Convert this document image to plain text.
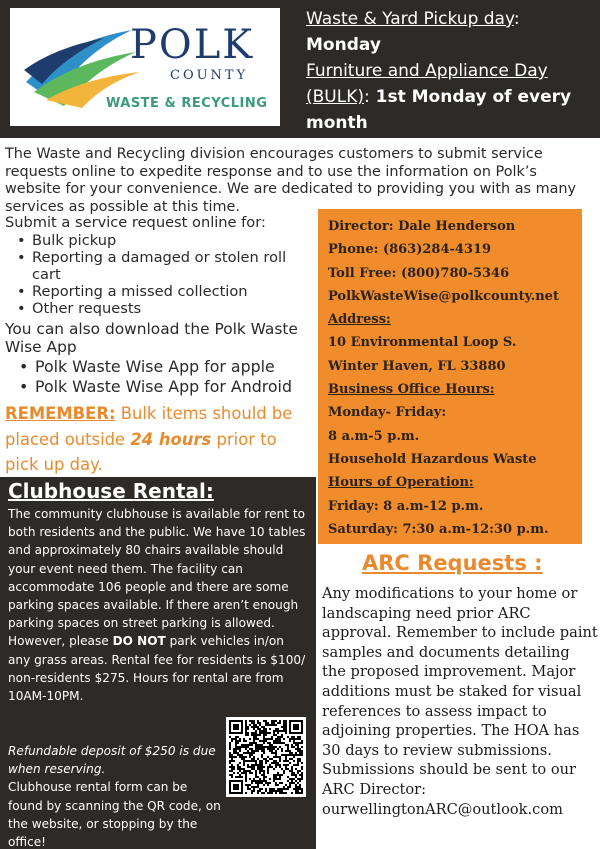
POLK
COUNTY
WASTE & RECYCLING
Waste & Yard Pickup day:
Monday
Furniture and Appliance Day
(BULK): 1st Monday of every month

The Waste and Recycling division encourages customers to submit service requests online to expedite response and to use the information on Polk’s website for your convenience. We are dedicated to providing you with as many services as possible at this time.

Submit a service request online for:
• Bulk pickup
• Reporting a damaged or stolen roll cart
• Reporting a missed collection
• Other requests
You can also download the Polk Waste Wise App
• Polk Waste Wise App for apple
• Polk Waste Wise App for Android

REMEMBER: Bulk items should be placed outside 24 hours prior to pick up day.

Director: Dale Henderson
Phone: (863)284-4319
Toll Free: (800)780-5346
PolkWasteWise@polkcounty.net
Address:
10 Environmental Loop S.
Winter Haven, FL 33880
Business Office Hours:
Monday- Friday:
8 a.m-5 p.m.
Household Hazardous Waste
Hours of Operation:
Friday: 8 a.m-12 p.m.
Saturday: 7:30 a.m-12:30 p.m.
Clubhouse Rental:

The community clubhouse is available for rent to both residents and the public. We have 10 tables and approximately 80 chairs available should your event need them. The facility can accommodate 106 people and there are some parking spaces available. If there aren’t enough parking spaces on street parking is allowed. However, please DO NOT park vehicles in/on any grass areas. Rental fee for residents is $100/ non-residents $275. Hours for rental are from 10AM-10PM.

Refundable deposit of $250 is due when reserving.

Clubhouse rental form can be found by scanning the QR code, on the website, or stopping by the office!

ARC Requests :

Any modifications to your home or landscaping need prior ARC approval. Remember to include paint samples and documents detailing the proposed improvement. Major additions must be staked for visual references to assess impact to adjoining properties. The HOA has 30 days to review submissions. Submissions should be sent to our ARC Director: ourwellingtonARC@outlook.com
